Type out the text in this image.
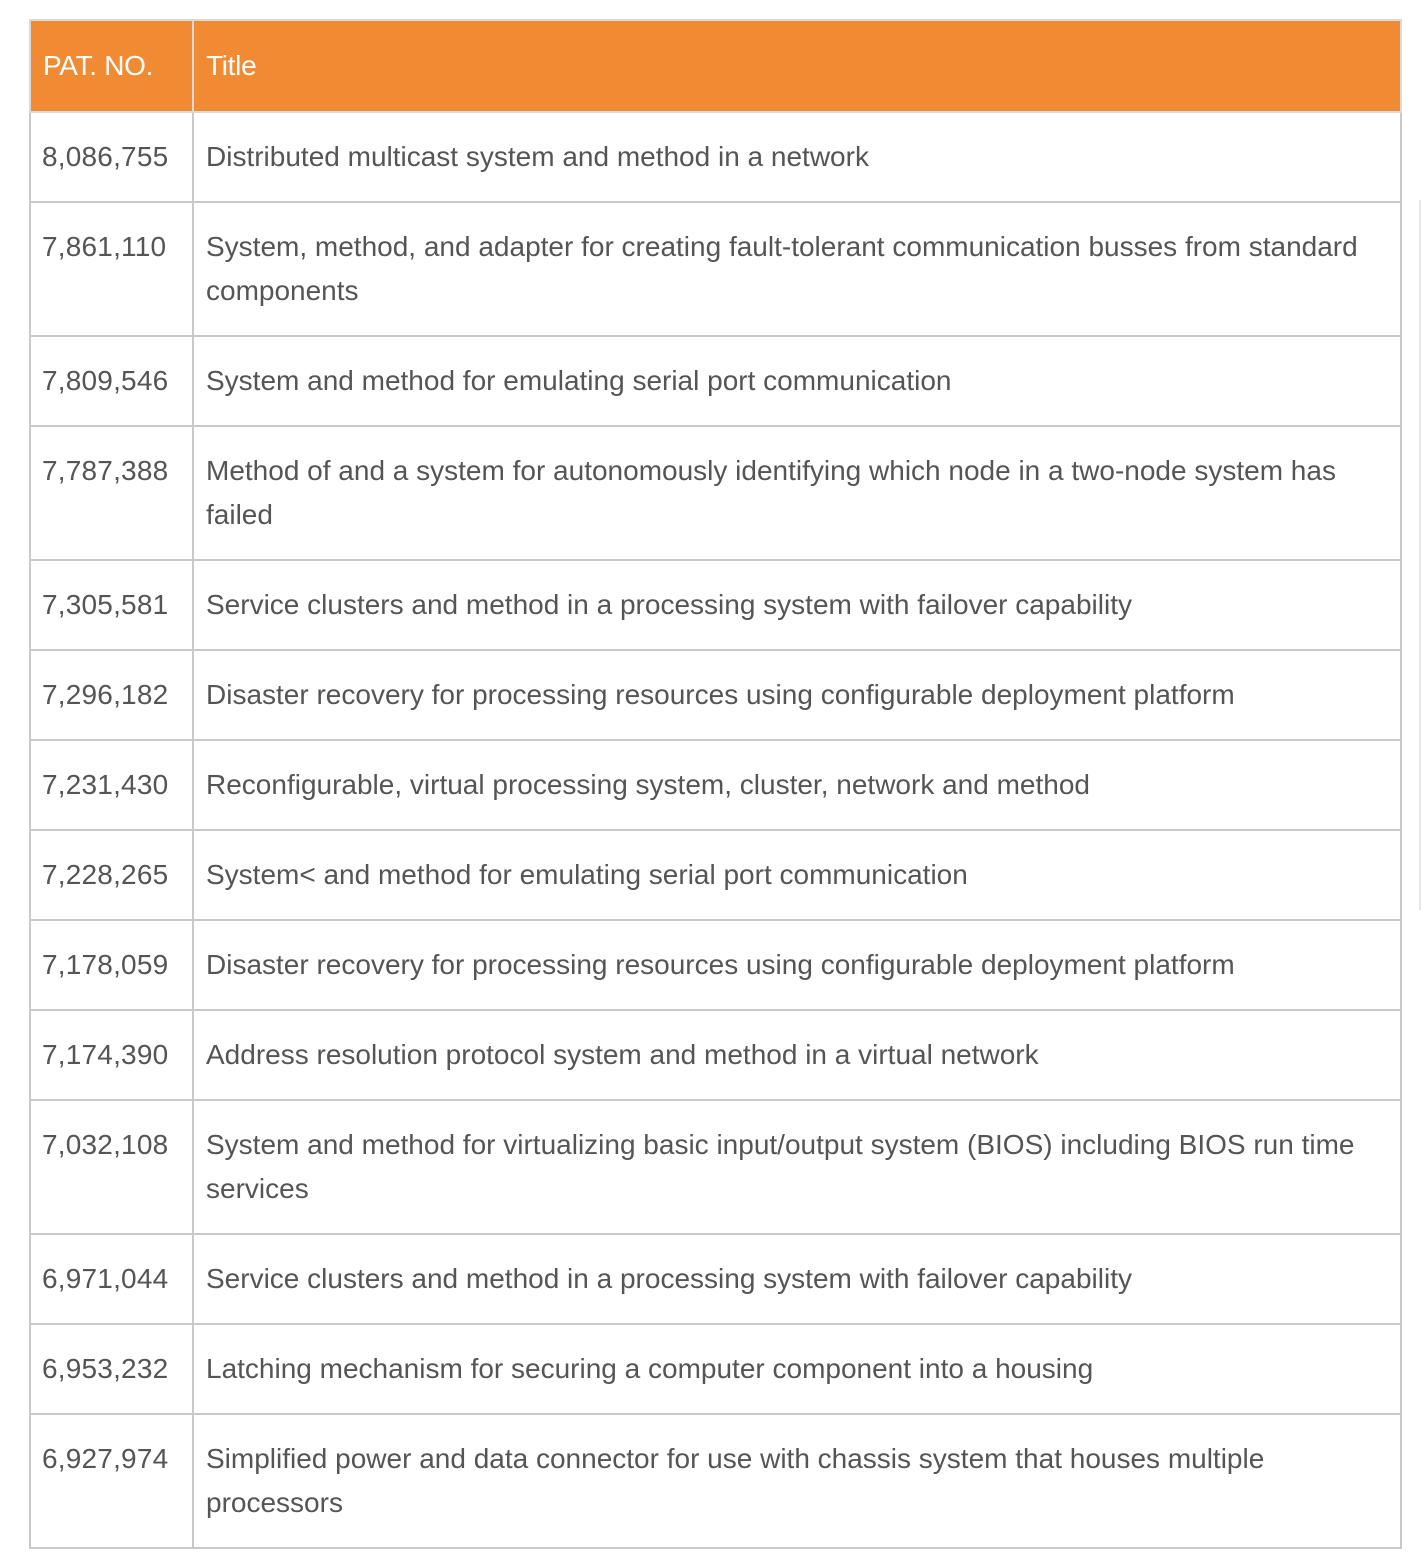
PAT. NO.	Title
8,086,755	Distributed multicast system and method in a network
7,861,110	System, method, and adapter for creating fault-tolerant communication busses from standard components
7,809,546	System and method for emulating serial port communication
7,787,388	Method of and a system for autonomously identifying which node in a two-node system has failed
7,305,581	Service clusters and method in a processing system with failover capability
7,296,182	Disaster recovery for processing resources using configurable deployment platform
7,231,430	Reconfigurable, virtual processing system, cluster, network and method
7,228,265	System< and method for emulating serial port communication
7,178,059	Disaster recovery for processing resources using configurable deployment platform
7,174,390	Address resolution protocol system and method in a virtual network
7,032,108	System and method for virtualizing basic input/output system (BIOS) including BIOS run time services
6,971,044	Service clusters and method in a processing system with failover capability
6,953,232	Latching mechanism for securing a computer component into a housing
6,927,974	Simplified power and data connector for use with chassis system that houses multiple processors
